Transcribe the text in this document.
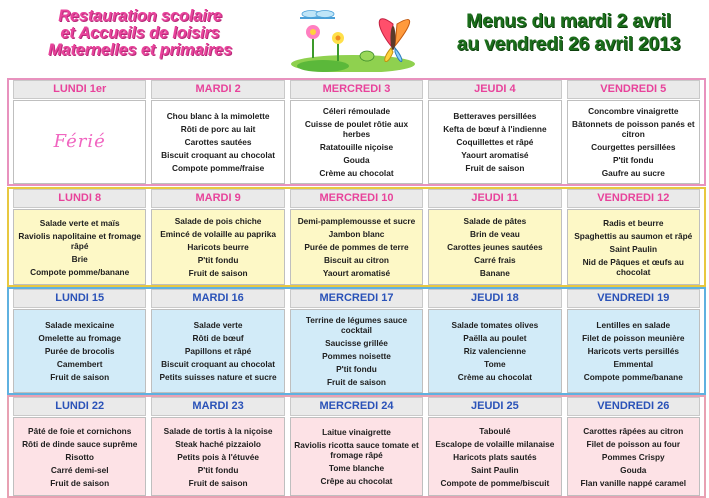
Restauration scolaire
et Accueils de loisirs
Maternelles et primaires
Menus du mardi 2 avril
au vendredi 26 avril 2013
LUNDI 1er
Férié
MARDI 2
Chou blanc à la mimolette
Rôti de porc au lait
Carottes sautées
Biscuit croquant au chocolat
Compote pomme/fraise
MERCREDI 3
Céleri rémoulade
Cuisse de poulet rôtie aux herbes
Ratatouille niçoise
Gouda
Crème au chocolat
JEUDI 4
Betteraves persillées
Kefta de bœuf à l'indienne
Coquillettes et râpé
Yaourt aromatisé
Fruit de saison
VENDREDI 5
Concombre vinaigrette
Bâtonnets de poisson panés et citron
Courgettes persillées
P'tit fondu
Gaufre au sucre
LUNDI 8
Salade verte et maïs
Raviolis napolitaine et fromage râpé
Brie
Compote pomme/banane
MARDI 9
Salade de pois chiche
Emincé de volaille au paprika
Haricots beurre
P'tit fondu
Fruit de saison
MERCREDI 10
Demi-pamplemousse et sucre
Jambon blanc
Purée de pommes de terre
Biscuit au citron
Yaourt aromatisé
JEUDI 11
Salade de pâtes
Brin de veau
Carottes jeunes sautées
Carré frais
Banane
VENDREDI 12
Radis et beurre
Spaghettis au saumon et râpé
Saint Paulin
Nid de Pâques et œufs au chocolat
LUNDI 15
Salade mexicaine
Omelette au fromage
Purée de brocolis
Camembert
Fruit de saison
MARDI 16
Salade verte
Rôti de bœuf
Papillons et râpé
Biscuit croquant au chocolat
Petits suisses nature et sucre
MERCREDI 17
Terrine de légumes sauce cocktail
Saucisse grillée
Pommes noisette
P'tit fondu
Fruit de saison
JEUDI 18
Salade tomates olives
Paëlla au poulet
Riz valencienne
Tome
Crème au chocolat
VENDREDI 19
Lentilles en salade
Filet de poisson meunière
Haricots verts persillés
Emmental
Compote pomme/banane
LUNDI 22
Pâté de foie et cornichons
Rôti de dinde sauce suprême
Risotto
Carré demi-sel
Fruit de saison
MARDI 23
Salade de tortis à la niçoise
Steak haché pizzaiolo
Petits pois à l'étuvée
P'tit fondu
Fruit de saison
MERCREDI 24
Laitue vinaigrette
Raviolis ricotta sauce tomate et fromage râpé
Tome blanche
Crêpe au chocolat
JEUDI 25
Taboulé
Escalope de volaille milanaise
Haricots plats sautés
Saint Paulin
Compote de pomme/biscuit
VENDREDI 26
Carottes râpées au citron
Filet de poisson au four
Pommes Crispy
Gouda
Flan vanille nappé caramel
